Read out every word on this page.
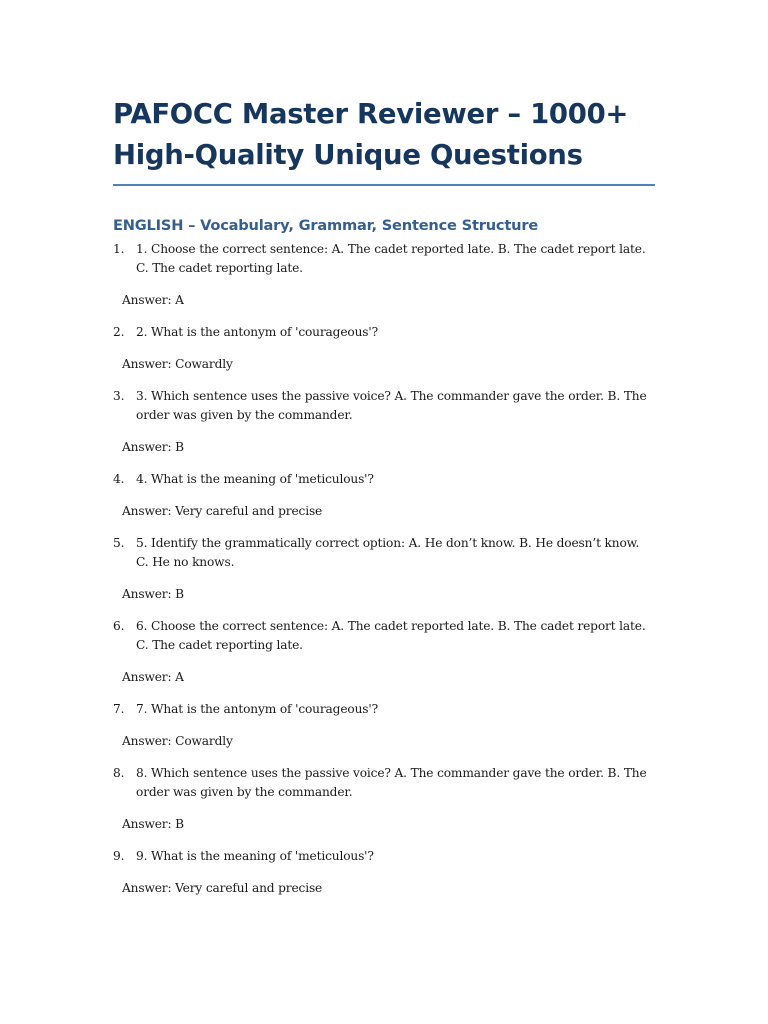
PAFOCC Master Reviewer – 1000+ High-Quality Unique Questions
ENGLISH – Vocabulary, Grammar, Sentence Structure
1. 1. Choose the correct sentence: A. The cadet reported late. B. The cadet report late. C. The cadet reporting late.
Answer: A
2. 2. What is the antonym of 'courageous'?
Answer: Cowardly
3. 3. Which sentence uses the passive voice? A. The commander gave the order. B. The order was given by the commander.
Answer: B
4. 4. What is the meaning of 'meticulous'?
Answer: Very careful and precise
5. 5. Identify the grammatically correct option: A. He don’t know. B. He doesn’t know. C. He no knows.
Answer: B
6. 6. Choose the correct sentence: A. The cadet reported late. B. The cadet report late. C. The cadet reporting late.
Answer: A
7. 7. What is the antonym of 'courageous'?
Answer: Cowardly
8. 8. Which sentence uses the passive voice? A. The commander gave the order. B. The order was given by the commander.
Answer: B
9. 9. What is the meaning of 'meticulous'?
Answer: Very careful and precise
